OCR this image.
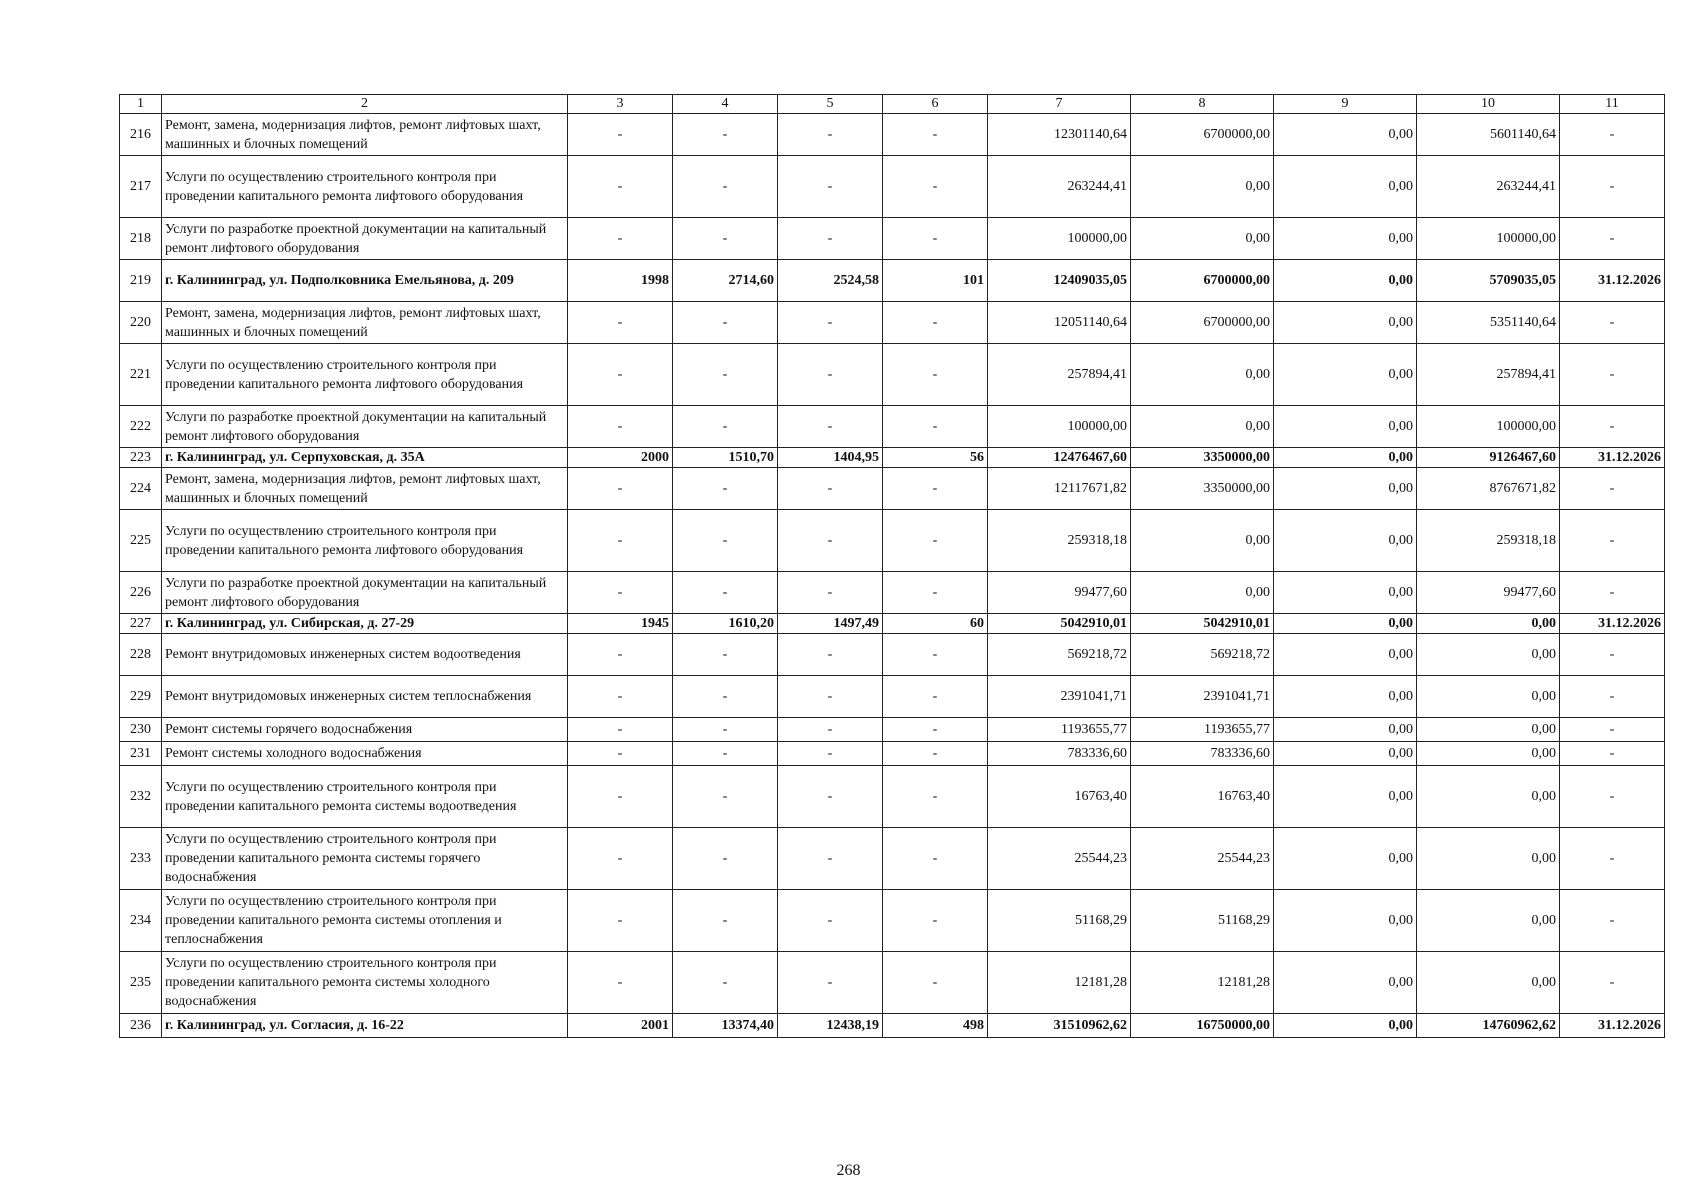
1	2	3	4	5	6	7	8	9	10	11
216	Ремонт, замена, модернизация лифтов, ремонт лифтовых шахт, машинных и блочных помещений	-	-	-	-	12301140,64	6700000,00	0,00	5601140,64	-
217	Услуги по осуществлению строительного контроля при проведении капитального ремонта лифтового оборудования	-	-	-	-	263244,41	0,00	0,00	263244,41	-
218	Услуги по разработке проектной документации на капитальный ремонт лифтового оборудования	-	-	-	-	100000,00	0,00	0,00	100000,00	-
219	г. Калининград, ул. Подполковника Емельянова, д. 209	1998	2714,60	2524,58	101	12409035,05	6700000,00	0,00	5709035,05	31.12.2026
220	Ремонт, замена, модернизация лифтов, ремонт лифтовых шахт, машинных и блочных помещений	-	-	-	-	12051140,64	6700000,00	0,00	5351140,64	-
221	Услуги по осуществлению строительного контроля при проведении капитального ремонта лифтового оборудования	-	-	-	-	257894,41	0,00	0,00	257894,41	-
222	Услуги по разработке проектной документации на капитальный ремонт лифтового оборудования	-	-	-	-	100000,00	0,00	0,00	100000,00	-
223	г. Калининград, ул. Серпуховская, д. 35А	2000	1510,70	1404,95	56	12476467,60	3350000,00	0,00	9126467,60	31.12.2026
224	Ремонт, замена, модернизация лифтов, ремонт лифтовых шахт, машинных и блочных помещений	-	-	-	-	12117671,82	3350000,00	0,00	8767671,82	-
225	Услуги по осуществлению строительного контроля при проведении капитального ремонта лифтового оборудования	-	-	-	-	259318,18	0,00	0,00	259318,18	-
226	Услуги по разработке проектной документации на капитальный ремонт лифтового оборудования	-	-	-	-	99477,60	0,00	0,00	99477,60	-
227	г. Калининград, ул. Сибирская, д. 27-29	1945	1610,20	1497,49	60	5042910,01	5042910,01	0,00	0,00	31.12.2026
228	Ремонт внутридомовых инженерных систем водоотведения	-	-	-	-	569218,72	569218,72	0,00	0,00	-
229	Ремонт внутридомовых инженерных систем теплоснабжения	-	-	-	-	2391041,71	2391041,71	0,00	0,00	-
230	Ремонт системы горячего водоснабжения	-	-	-	-	1193655,77	1193655,77	0,00	0,00	-
231	Ремонт системы холодного водоснабжения	-	-	-	-	783336,60	783336,60	0,00	0,00	-
232	Услуги по осуществлению строительного контроля при проведении капитального ремонта системы водоотведения	-	-	-	-	16763,40	16763,40	0,00	0,00	-
233	Услуги по осуществлению строительного контроля при проведении капитального ремонта системы горячего водоснабжения	-	-	-	-	25544,23	25544,23	0,00	0,00	-
234	Услуги по осуществлению строительного контроля при проведении капитального ремонта системы отопления и теплоснабжения	-	-	-	-	51168,29	51168,29	0,00	0,00	-
235	Услуги по осуществлению строительного контроля при проведении капитального ремонта системы холодного водоснабжения	-	-	-	-	12181,28	12181,28	0,00	0,00	-
236	г. Калининград, ул. Согласия, д. 16-22	2001	13374,40	12438,19	498	31510962,62	16750000,00	0,00	14760962,62	31.12.2026
268
